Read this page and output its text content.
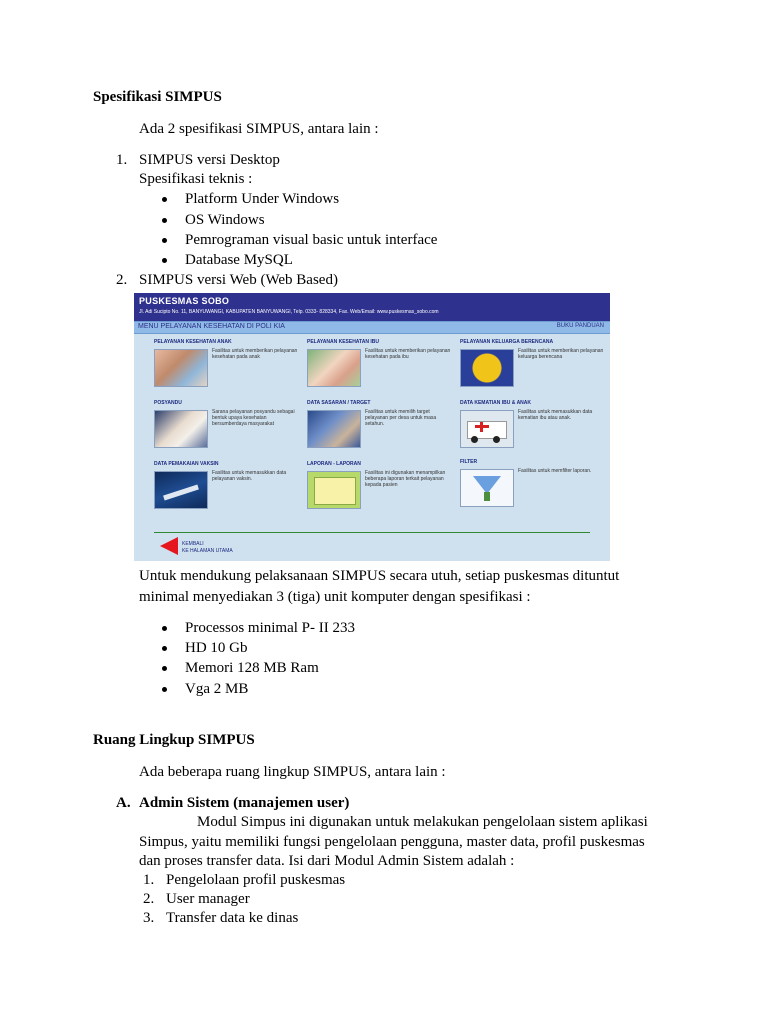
Spesifikasi SIMPUS
Ada 2 spesifikasi SIMPUS, antara lain :
1. SIMPUS versi Desktop
Spesifikasi teknis :
Platform Under Windows
OS Windows
Pemrograman visual basic untuk interface
Database MySQL
2. SIMPUS versi Web (Web Based)
PUSKESMAS SOBO
Jl. Adi Sucipto No. 11, BANYUWANGI, KABUPATEN BANYUWANGI, Telp. 0333- 828334, Fax. Web/Email: www.puskesmas_sobo.com
MENU PELAYANAN KESEHATAN DI POLI KIA	BUKU PANDUAN
PELAYANAN KESEHATAN ANAK
Fasilitas untuk memberikan pelayanan kesehatan pada anak
PELAYANAN KESEHATAN IBU
Fasilitas untuk memberikan pelayanan kesehatan pada ibu
PELAYANAN KELUARGA BERENCANA
Fasilitas untuk memberikan pelayanan keluarga berencana
POSYANDU
Sarana pelayanan posyandu sebagai bentuk upaya kesehatan bersumberdaya masyarakat
DATA SASARAN / TARGET
Fasilitas untuk memilih target pelayanan per desa untuk masa setahun.
DATA KEMATIAN IBU & ANAK
Fasilitas untuk memasukkan data kematian ibu atau anak.
DATA PEMAKAIAN VAKSIN
Fasilitas untuk memasukkan data pelayanan vaksin.
LAPORAN - LAPORAN
Fasilitas ini digunakan menampilkan beberapa laporan terkait pelayanan kepada pasien
FILTER
Fasilitas untuk memfilter laporan.
KEMBALI
KE HALAMAN UTAMA
Untuk mendukung pelaksanaan SIMPUS secara utuh, setiap puskesmas dituntut
minimal menyediakan 3 (tiga) unit komputer dengan spesifikasi :
Processos minimal P- II 233
HD 10 Gb
Memori 128 MB Ram
Vga 2 MB
Ruang Lingkup SIMPUS
Ada beberapa ruang lingkup SIMPUS, antara lain :
A. Admin Sistem (manajemen user)
Modul Simpus ini digunakan untuk melakukan pengelolaan sistem aplikasi
Simpus, yaitu memiliki fungsi pengelolaan pengguna, master data, profil puskesmas
dan proses transfer data. Isi dari Modul Admin Sistem adalah :
1. Pengelolaan profil puskesmas
2. User manager
3. Transfer data ke dinas
